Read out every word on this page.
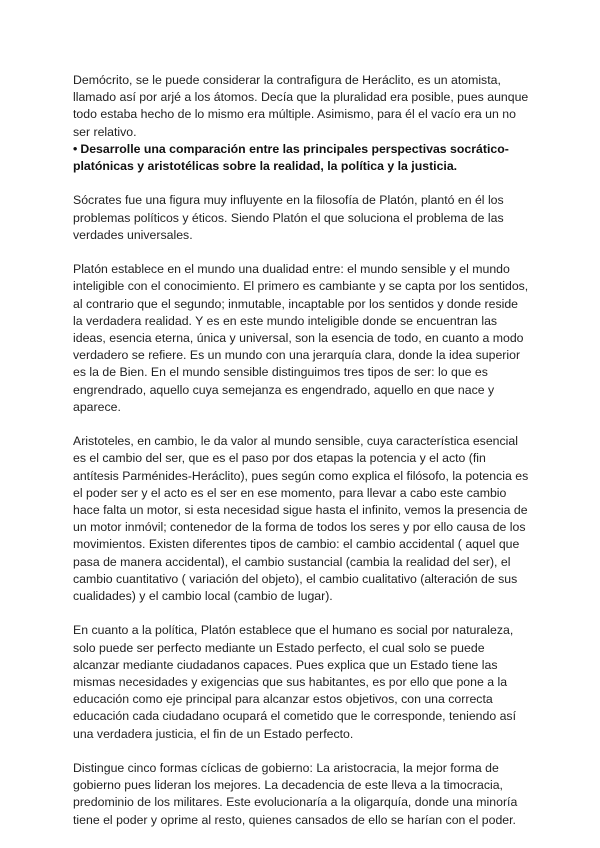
Demócrito, se le puede considerar la contrafigura de Heráclito, es un atomista, llamado así por arjé a los átomos. Decía que la pluralidad era posible, pues aunque todo estaba hecho de lo mismo era múltiple. Asimismo, para él el vacío era un no ser relativo.

• Desarrolle una comparación entre las principales perspectivas socrático-platónicas y aristotélicas sobre la realidad, la política y la justicia.

Sócrates fue una figura muy influyente en la filosofía de Platón, plantó en él los problemas políticos y éticos. Siendo Platón el que soluciona el problema de las verdades universales.

Platón establece en el mundo una dualidad entre: el mundo sensible y el mundo inteligible con el conocimiento. El primero es cambiante y se capta por los sentidos, al contrario que el segundo; inmutable, incaptable por los sentidos y donde reside la verdadera realidad. Y es en este mundo inteligible donde se encuentran las ideas, esencia eterna, única y universal, son la esencia de todo, en cuanto a modo verdadero se refiere. Es un mundo con una jerarquía clara, donde la idea superior es la de Bien. En el mundo sensible distinguimos tres tipos de ser: lo que es engrendrado, aquello cuya semejanza es engendrado, aquello en que nace y aparece.

Aristoteles, en cambio, le da valor al mundo sensible, cuya característica esencial es el cambio del ser, que es el paso por dos etapas la potencia y el acto (fin antítesis Parménides-Heráclito), pues según como explica el filósofo, la potencia es el poder ser y el acto es el ser en ese momento, para llevar a cabo este cambio hace falta un motor, si esta necesidad sigue hasta el infinito, vemos la presencia de un motor inmóvil; contenedor de la forma de todos los seres y por ello causa de los movimientos. Existen diferentes tipos de cambio: el cambio accidental ( aquel que pasa de manera accidental), el cambio sustancial (cambia la realidad del ser), el cambio cuantitativo ( variación del objeto), el cambio cualitativo (alteración de sus cualidades) y el cambio local (cambio de lugar).

En cuanto a la política, Platón establece que el humano es social por naturaleza, solo puede ser perfecto mediante un Estado perfecto, el cual solo se puede alcanzar mediante ciudadanos capaces. Pues explica que un Estado tiene las mismas necesidades y exigencias que sus habitantes, es por ello que pone a la educación como eje principal para alcanzar estos objetivos, con una correcta educación cada ciudadano ocupará el cometido que le corresponde, teniendo así una verdadera justicia, el fin de un Estado perfecto.

Distingue cinco formas cíclicas de gobierno: La aristocracia, la mejor forma de gobierno pues lideran los mejores. La decadencia de este lleva a la timocracia, predominio de los militares. Este evolucionaría a la oligarquía, donde una minoría tiene el poder y oprime al resto, quienes cansados de ello se harían con el poder.
